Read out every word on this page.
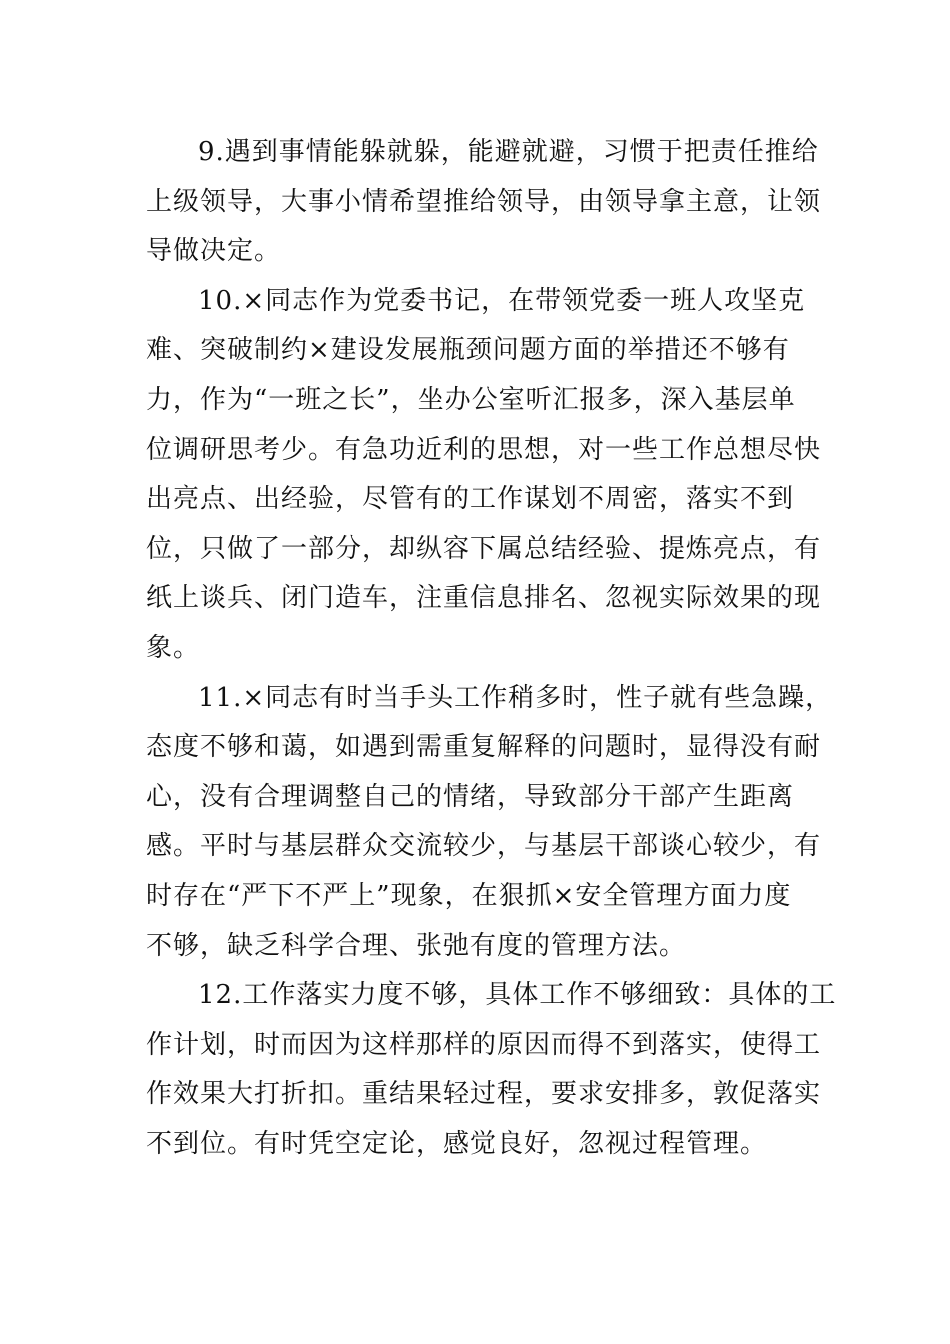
9.遇到事情能躲就躲，能避就避，习惯于把责任推给
上级领导，大事小情希望推给领导，由领导拿主意，让领
导做决定。

10.×同志作为党委书记，在带领党委一班人攻坚克
难、突破制约×建设发展瓶颈问题方面的举措还不够有
力，作为“一班之长”，坐办公室听汇报多，深入基层单
位调研思考少。有急功近利的思想，对一些工作总想尽快
出亮点、出经验，尽管有的工作谋划不周密，落实不到
位，只做了一部分，却纵容下属总结经验、提炼亮点，有
纸上谈兵、闭门造车，注重信息排名、忽视实际效果的现
象。

11.×同志有时当手头工作稍多时，性子就有些急躁，
态度不够和蔼，如遇到需重复解释的问题时，显得没有耐
心，没有合理调整自己的情绪，导致部分干部产生距离
感。平时与基层群众交流较少，与基层干部谈心较少，有
时存在“严下不严上”现象，在狠抓×安全管理方面力度
不够，缺乏科学合理、张弛有度的管理方法。

12.工作落实力度不够，具体工作不够细致：具体的工
作计划，时而因为这样那样的原因而得不到落实，使得工
作效果大打折扣。重结果轻过程，要求安排多，敦促落实
不到位。有时凭空定论，感觉良好，忽视过程管理。
